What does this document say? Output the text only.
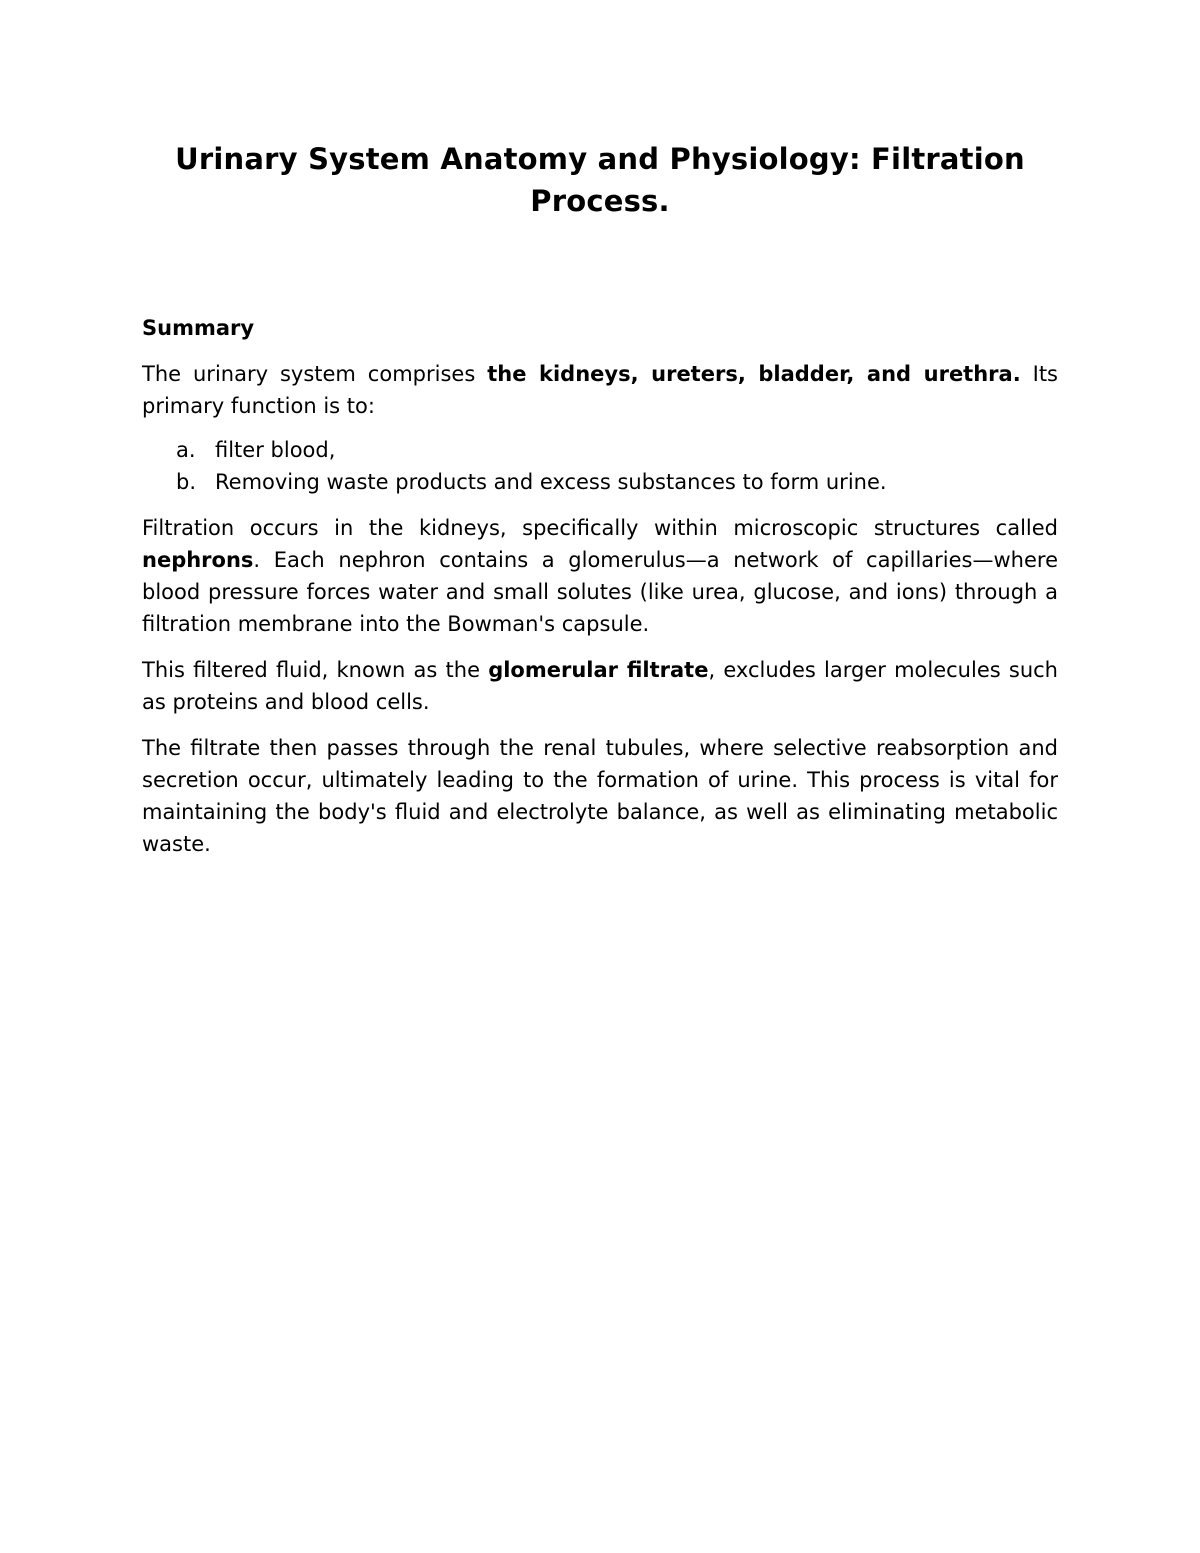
Urinary System Anatomy and Physiology: Filtration Process.
Summary

The urinary system comprises the kidneys, ureters, bladder, and urethra. Its primary function is to:

a. filter blood,
b. Removing waste products and excess substances to form urine.

Filtration occurs in the kidneys, specifically within microscopic structures called nephrons. Each nephron contains a glomerulus—a network of capillaries—where blood pressure forces water and small solutes (like urea, glucose, and ions) through a filtration membrane into the Bowman's capsule.

This filtered fluid, known as the glomerular filtrate, excludes larger molecules such as proteins and blood cells.

The filtrate then passes through the renal tubules, where selective reabsorption and secretion occur, ultimately leading to the formation of urine. This process is vital for maintaining the body's fluid and electrolyte balance, as well as eliminating metabolic waste.
